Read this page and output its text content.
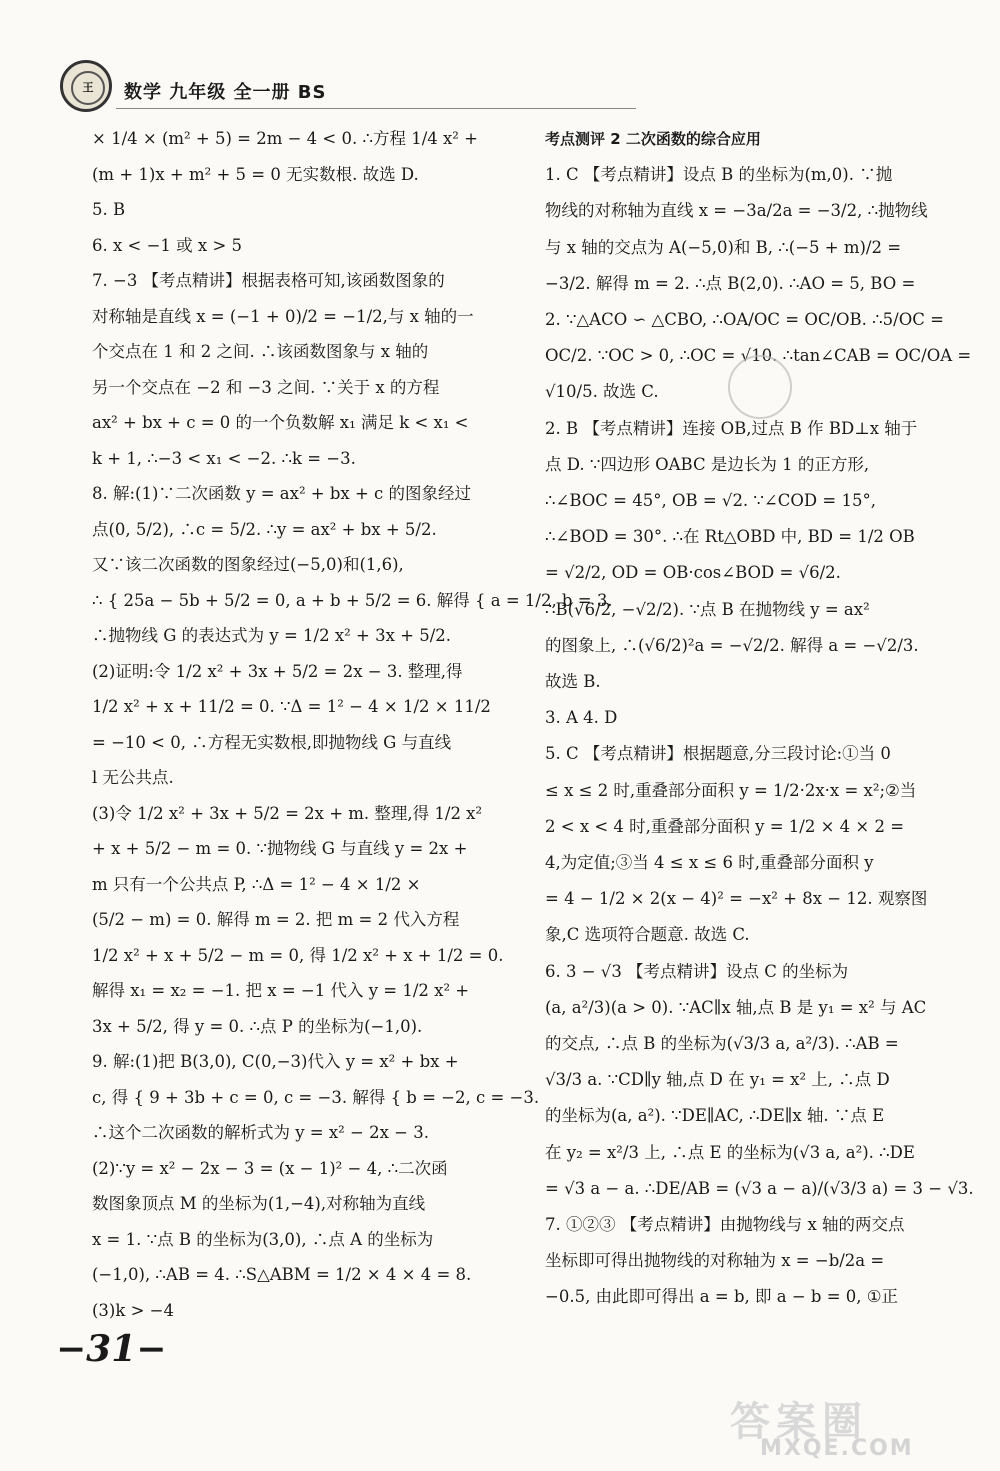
王	数学 九年级 全一册 BS
× 1/4 × (m² + 5) = 2m − 4 < 0. ∴方程 1/4 x² +
(m + 1)x + m² + 5 = 0 无实数根. 故选 D.
5. B
6. x < −1 或 x > 5
7. −3 【考点精讲】根据表格可知,该函数图象的
对称轴是直线 x = (−1 + 0)/2 = −1/2,与 x 轴的一
个交点在 1 和 2 之间. ∴该函数图象与 x 轴的
另一个交点在 −2 和 −3 之间. ∵关于 x 的方程
ax² + bx + c = 0 的一个负数解 x₁ 满足 k < x₁ <
k + 1, ∴−3 < x₁ < −2. ∴k = −3.
8. 解:(1)∵二次函数 y = ax² + bx + c 的图象经过
点(0, 5/2), ∴c = 5/2. ∴y = ax² + bx + 5/2.
又∵该二次函数的图象经过(−5,0)和(1,6),
∴ { 25a − 5b + 5/2 = 0, a + b + 5/2 = 6. 解得 { a = 1/2, b = 3.
∴抛物线 G 的表达式为 y = 1/2 x² + 3x + 5/2.
(2)证明:令 1/2 x² + 3x + 5/2 = 2x − 3. 整理,得
1/2 x² + x + 11/2 = 0. ∵Δ = 1² − 4 × 1/2 × 11/2
= −10 < 0, ∴方程无实数根,即抛物线 G 与直线
l 无公共点.
(3)令 1/2 x² + 3x + 5/2 = 2x + m. 整理,得 1/2 x²
+ x + 5/2 − m = 0. ∵抛物线 G 与直线 y = 2x +
m 只有一个公共点 P, ∴Δ = 1² − 4 × 1/2 ×
(5/2 − m) = 0. 解得 m = 2. 把 m = 2 代入方程
1/2 x² + x + 5/2 − m = 0, 得 1/2 x² + x + 1/2 = 0.
解得 x₁ = x₂ = −1. 把 x = −1 代入 y = 1/2 x² +
3x + 5/2, 得 y = 0. ∴点 P 的坐标为(−1,0).
9. 解:(1)把 B(3,0), C(0,−3)代入 y = x² + bx +
c, 得 { 9 + 3b + c = 0, c = −3. 解得 { b = −2, c = −3.
∴这个二次函数的解析式为 y = x² − 2x − 3.
(2)∵y = x² − 2x − 3 = (x − 1)² − 4, ∴二次函
数图象顶点 M 的坐标为(1,−4),对称轴为直线
x = 1. ∵点 B 的坐标为(3,0), ∴点 A 的坐标为
(−1,0), ∴AB = 4. ∴S△ABM = 1/2 × 4 × 4 = 8.
(3)k > −4
考点测评 2 二次函数的综合应用
1. C 【考点精讲】设点 B 的坐标为(m,0). ∵抛
物线的对称轴为直线 x = −3a/2a = −3/2, ∴抛物线
与 x 轴的交点为 A(−5,0)和 B, ∴(−5 + m)/2 =
−3/2. 解得 m = 2. ∴点 B(2,0). ∴AO = 5, BO =
2. ∵△ACO ∽ △CBO, ∴OA/OC = OC/OB. ∴5/OC =
OC/2. ∵OC > 0, ∴OC = √10. ∴tan∠CAB = OC/OA =
√10/5. 故选 C.
2. B 【考点精讲】连接 OB,过点 B 作 BD⊥x 轴于
点 D. ∵四边形 OABC 是边长为 1 的正方形,
∴∠BOC = 45°, OB = √2. ∵∠COD = 15°,
∴∠BOD = 30°. ∴在 Rt△OBD 中, BD = 1/2 OB
= √2/2, OD = OB·cos∠BOD = √6/2.
∴B(√6/2, −√2/2). ∵点 B 在抛物线 y = ax²
的图象上, ∴(√6/2)²a = −√2/2. 解得 a = −√2/3.
故选 B.
3. A 4. D
5. C 【考点精讲】根据题意,分三段讨论:①当 0
≤ x ≤ 2 时,重叠部分面积 y = 1/2·2x·x = x²;②当
2 < x < 4 时,重叠部分面积 y = 1/2 × 4 × 2 =
4,为定值;③当 4 ≤ x ≤ 6 时,重叠部分面积 y
= 4 − 1/2 × 2(x − 4)² = −x² + 8x − 12. 观察图
象,C 选项符合题意. 故选 C.
6. 3 − √3 【考点精讲】设点 C 的坐标为
(a, a²/3)(a > 0). ∵AC∥x 轴,点 B 是 y₁ = x² 与 AC
的交点, ∴点 B 的坐标为(√3/3 a, a²/3). ∴AB =
√3/3 a. ∵CD∥y 轴,点 D 在 y₁ = x² 上, ∴点 D
的坐标为(a, a²). ∵DE∥AC, ∴DE∥x 轴. ∵点 E
在 y₂ = x²/3 上, ∴点 E 的坐标为(√3 a, a²). ∴DE
= √3 a − a. ∴DE/AB = (√3 a − a)/(√3/3 a) = 3 − √3.
7. ①②③ 【考点精讲】由抛物线与 x 轴的两交点
坐标即可得出抛物线的对称轴为 x = −b/2a =
−0.5, 由此即可得出 a = b, 即 a − b = 0, ①正
−31−
答案圈
MXQE.COM
